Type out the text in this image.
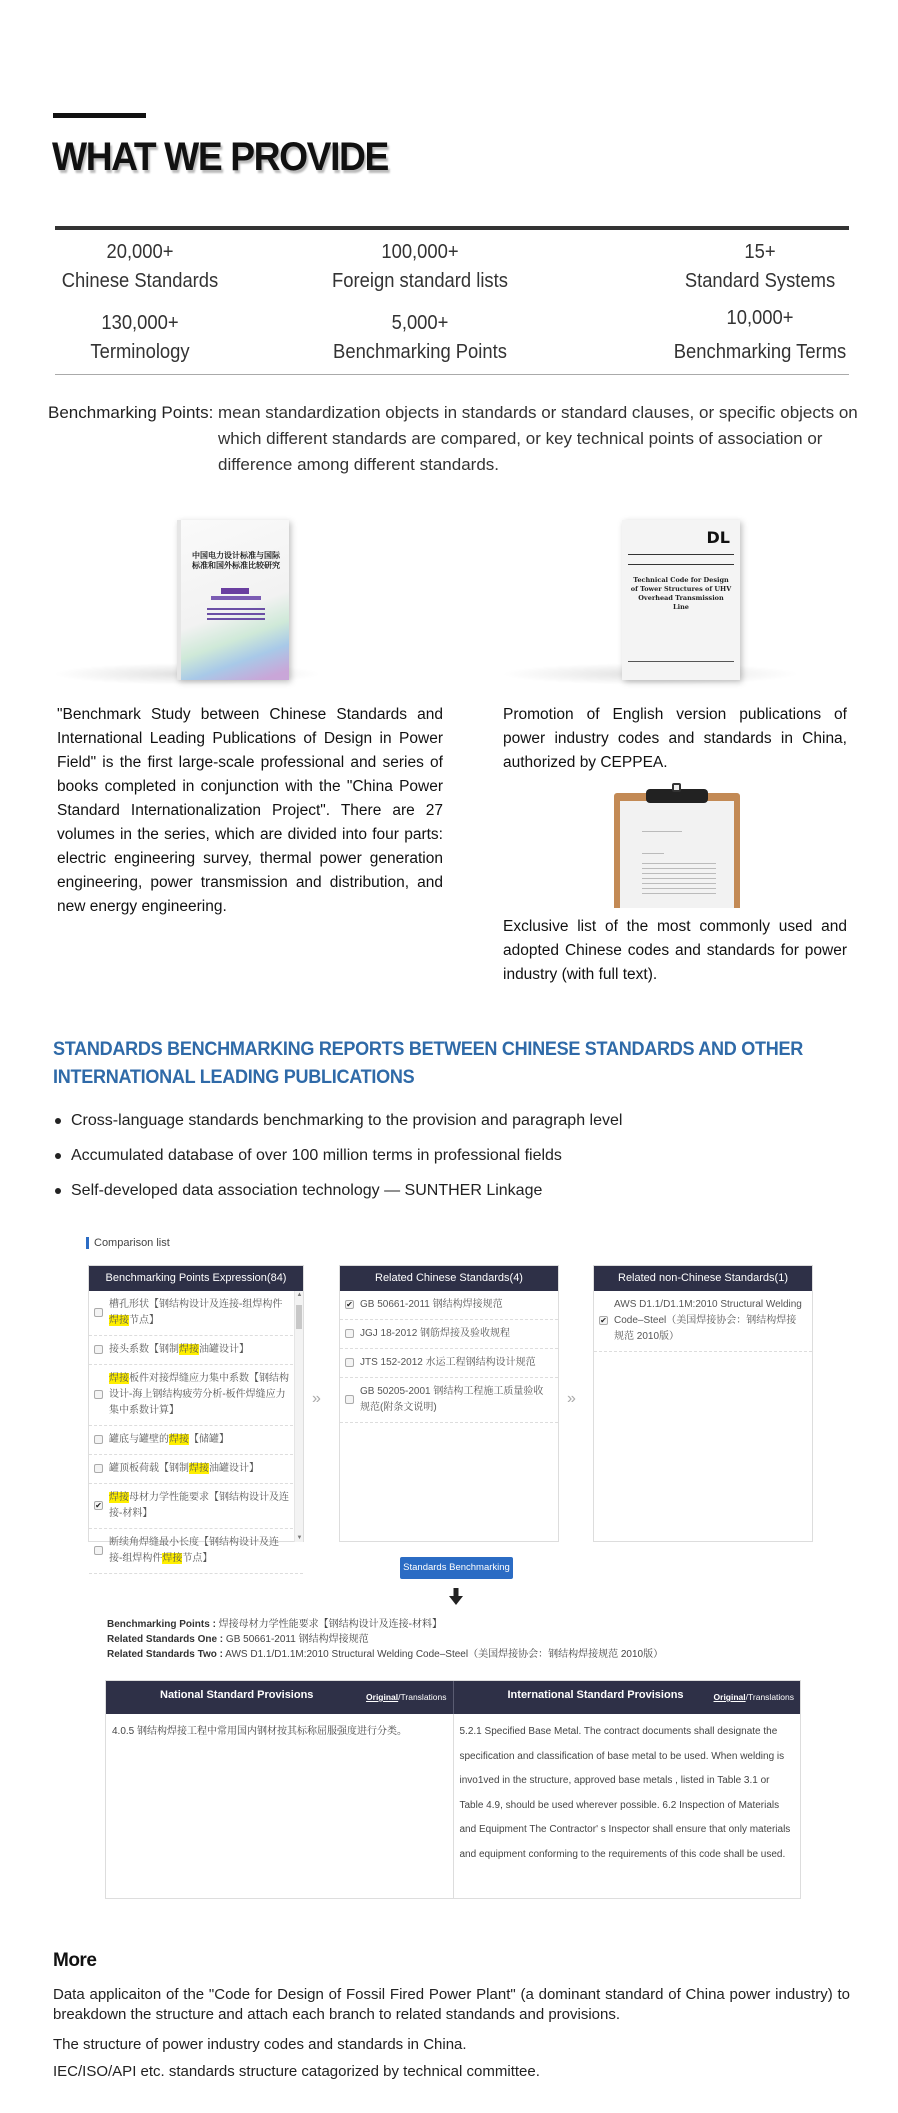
WHAT WE PROVIDE
20,000+
Chinese Standards
100,000+
Foreign standard lists
15+
Standard Systems
130,000+
Terminology
5,000+
Benchmarking Points
10,000+
Benchmarking Terms
Benchmarking Points: mean standardization objects in standards or standard clauses, or specific objects on which different standards are compared, or key technical points of association or difference among different standards.
中国电力设计标准与国际标准和国外标准比较研究
DL
Technical Code for Design of Tower Structures of UHV Overhead Transmission Line

"Benchmark Study between Chinese Standards and International Leading Publications of Design in Power Field" is the first large-scale professional and series of books completed in conjunction with the "China Power Standard Internationalization Project". There are 27 volumes in the series, which are divided into four parts: electric engineering survey, thermal power generation engineering, power transmission and distribution, and new energy engineering.

Promotion of English version publications of power industry codes and standards in China, authorized by CEPPEA.

Exclusive list of the most commonly used and adopted Chinese codes and standards for power industry (with full text).

STANDARDS BENCHMARKING REPORTS BETWEEN CHINESE STANDARDS AND OTHER INTERNATIONAL LEADING PUBLICATIONS
Cross-language standards benchmarking to the provision and paragraph level
Accumulated database of over 100 million terms in professional fields
Self-developed data association technology — SUNTHER Linkage
Comparison list
Benchmarking Points Expression(84)
槽孔形状【钢结构设计及连接-组焊构件焊接节点】
接头系数【钢制焊接油罐设计】
焊接板件对接焊缝应力集中系数【钢结构设计-海上钢结构疲劳分析-板件焊缝应力集中系数计算】
罐底与罐壁的焊接【储罐】
罐顶板荷载【钢制焊接油罐设计】
✔
焊接母材力学性能要求【钢结构设计及连接-材料】
断续角焊缝最小长度【钢结构设计及连接-组焊构件焊接节点】
▲
▼
»
Related Chinese Standards(4)
✔
GB 50661-2011 钢结构焊接规范
JGJ 18-2012 钢筋焊接及验收规程
JTS 152-2012 水运工程钢结构设计规范
GB 50205-2001 钢结构工程施工质量验收规范(附条文说明)
»
Related non-Chinese Standards(1)
✔
AWS D1.1/D1.1M:2010 Structural Welding Code–Steel（美国焊接协会：钢结构焊接规范 2010版）
Standards Benchmarking
Benchmarking Points : 焊接母材力学性能要求【钢结构设计及连接-材料】
Related Standards One : GB 50661-2011 钢结构焊接规范
Related Standards Two : AWS D1.1/D1.1M:2010 Structural Welding Code–Steel（美国焊接协会：钢结构焊接规范 2010版）
National Standard Provisions	Original/Translations	International Standard Provisions	Original/Translations
4.0.5 钢结构焊接工程中常用国内钢材按其标称屈服强度进行分类。	5.2.1 Specified Base Metal. The contract documents shall designate the specification and classification of base metal to be used. When welding is invo1ved in the structure, approved base metals , listed in Table 3.1 or Table 4.9, should be used wherever possible. 6.2 Inspection of Materials and Equipment The Contractor' s Inspector shall ensure that only materials and equipment conforming to the requirements of this code shall be used.
More

Data applicaiton of the "Code for Design of Fossil Fired Power Plant" (a dominant standard of China power industry) to breakdown the structure and attach each branch to related standands and provisions.

The structure of power industry codes and standards in China.

IEC/ISO/API etc. standards structure catagorized by technical committee.
